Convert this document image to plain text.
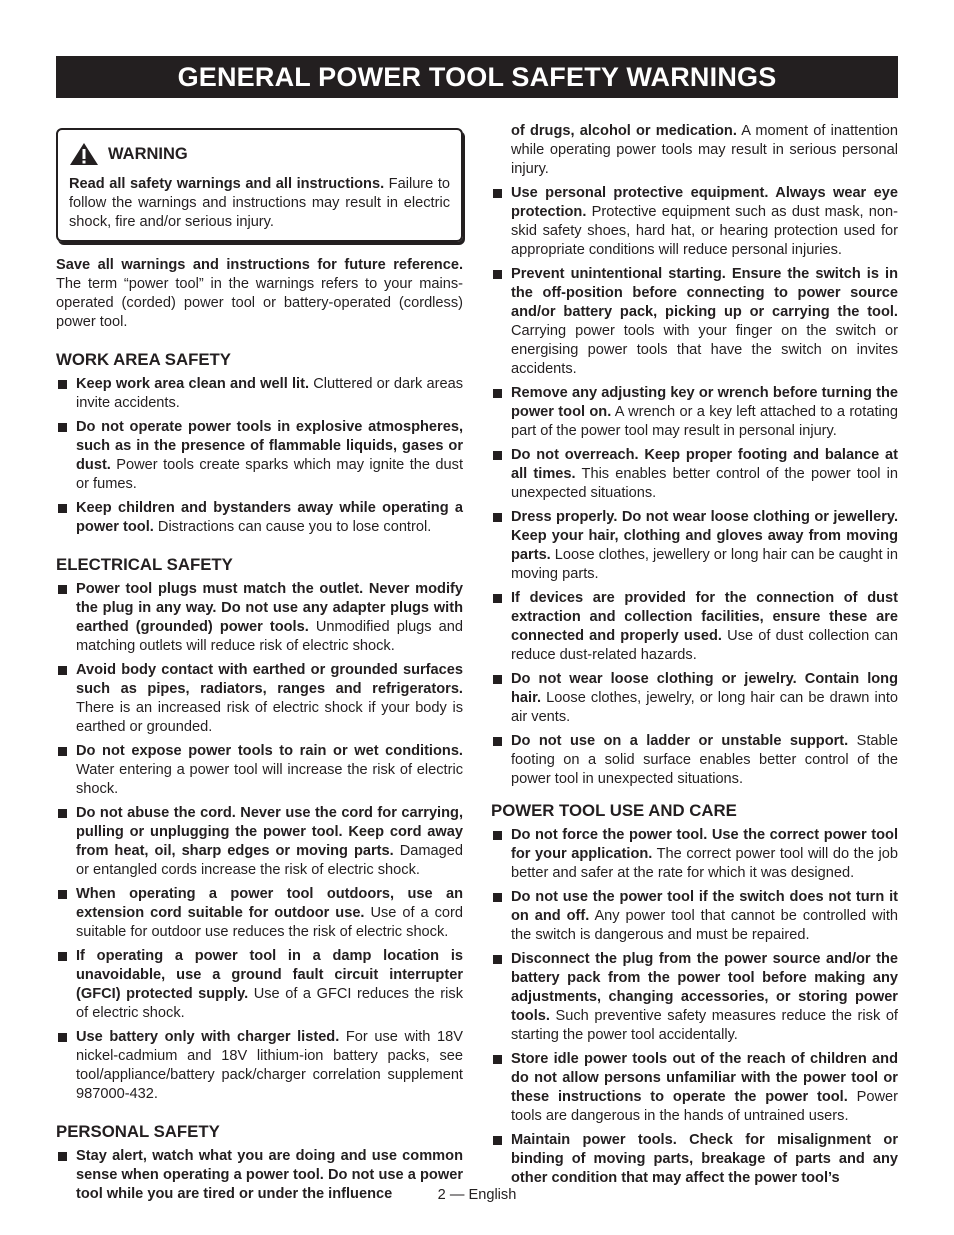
GENERAL POWER TOOL SAFETY WARNINGS
WARNING

Read all safety warnings and all instructions. Failure to follow the warnings and instructions may result in electric shock, fire and/or serious injury.

Save all warnings and instructions for future reference. The term “power tool” in the warnings refers to your mains-operated (corded) power tool or battery-operated (cordless) power tool.

WORK AREA SAFETY
Keep work area clean and well lit. Cluttered or dark areas invite accidents.
Do not operate power tools in explosive atmospheres, such as in the presence of flammable liquids, gases or dust. Power tools create sparks which may ignite the dust or fumes.
Keep children and bystanders away while operating a power tool. Distractions can cause you to lose control.
ELECTRICAL SAFETY
Power tool plugs must match the outlet. Never modify the plug in any way. Do not use any adapter plugs with earthed (grounded) power tools. Unmodified plugs and matching outlets will reduce risk of electric shock.
Avoid body contact with earthed or grounded surfaces such as pipes, radiators, ranges and refrigerators. There is an increased risk of electric shock if your body is earthed or grounded.
Do not expose power tools to rain or wet conditions. Water entering a power tool will increase the risk of electric shock.
Do not abuse the cord. Never use the cord for carrying, pulling or unplugging the power tool. Keep cord away from heat, oil, sharp edges or moving parts. Damaged or entangled cords increase the risk of electric shock.
When operating a power tool outdoors, use an extension cord suitable for outdoor use. Use of a cord suitable for outdoor use reduces the risk of electric shock.
If operating a power tool in a damp location is unavoidable, use a ground fault circuit interrupter (GFCI) protected supply. Use of a GFCI reduces the risk of electric shock.
Use battery only with charger listed. For use with 18V nickel-cadmium and 18V lithium-ion battery packs, see tool/appliance/battery pack/charger correlation supplement 987000-432.
PERSONAL SAFETY
Stay alert, watch what you are doing and use common sense when operating a power tool. Do not use a power tool while you are tired or under the influence

of drugs, alcohol or medication. A moment of inattention while operating power tools may result in serious personal injury.

Use personal protective equipment. Always wear eye protection. Protective equipment such as dust mask, non-skid safety shoes, hard hat, or hearing protection used for appropriate conditions will reduce personal injuries.
Prevent unintentional starting. Ensure the switch is in the off-position before connecting to power source and/or battery pack, picking up or carrying the tool. Carrying power tools with your finger on the switch or energising power tools that have the switch on invites accidents.
Remove any adjusting key or wrench before turning the power tool on. A wrench or a key left attached to a rotating part of the power tool may result in personal injury.
Do not overreach. Keep proper footing and balance at all times. This enables better control of the power tool in unexpected situations.
Dress properly. Do not wear loose clothing or jewellery. Keep your hair, clothing and gloves away from moving parts. Loose clothes, jewellery or long hair can be caught in moving parts.
If devices are provided for the connection of dust extraction and collection facilities, ensure these are connected and properly used. Use of dust collection can reduce dust-related hazards.
Do not wear loose clothing or jewelry. Contain long hair. Loose clothes, jewelry, or long hair can be drawn into air vents.
Do not use on a ladder or unstable support. Stable footing on a solid surface enables better control of the power tool in unexpected situations.
POWER TOOL USE AND CARE
Do not force the power tool. Use the correct power tool for your application. The correct power tool will do the job better and safer at the rate for which it was designed.
Do not use the power tool if the switch does not turn it on and off. Any power tool that cannot be controlled with the switch is dangerous and must be repaired.
Disconnect the plug from the power source and/or the battery pack from the power tool before making any adjustments, changing accessories, or storing power tools. Such preventive safety measures reduce the risk of starting the power tool accidentally.
Store idle power tools out of the reach of children and do not allow persons unfamiliar with the power tool or these instructions to operate the power tool. Power tools are dangerous in the hands of untrained users.
Maintain power tools. Check for misalignment or binding of moving parts, breakage of parts and any other condition that may affect the power tool’s
2 — English
